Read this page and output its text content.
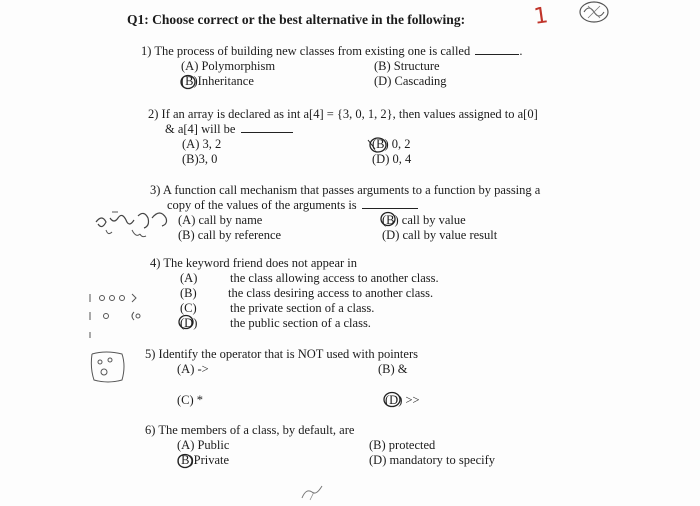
Q1: Choose correct or the best alternative in the following:	1
1) The process of building new classes from existing one is called	.
(A) Polymorphism	(B) Structure
(B)Inheritance	(D) Cascading
2) If an array is declared as int a[4] = {3, 0, 1, 2}, then values assigned to a[0]
& a[4] will be
(A) 3, 2	(B) 0, 2
(B)3, 0	(D) 0, 4
3) A function call mechanism that passes arguments to a function by passing a
copy of the values of the arguments is
(A) call by name	(B) call by value
(B) call by reference	(D) call by value result
4) The keyword friend does not appear in
(A)	the class allowing access to another class.
(B)	the class desiring access to another class.
(C)	the private section of a class.
(D)	the public section of a class.
5) Identify the operator that is NOT used with pointers
(A) ->	(B) &
(C) *	(D) >>
6) The members of a class, by default, are
(A) Public	(B) protected
(B)Private	(D) mandatory to specify
